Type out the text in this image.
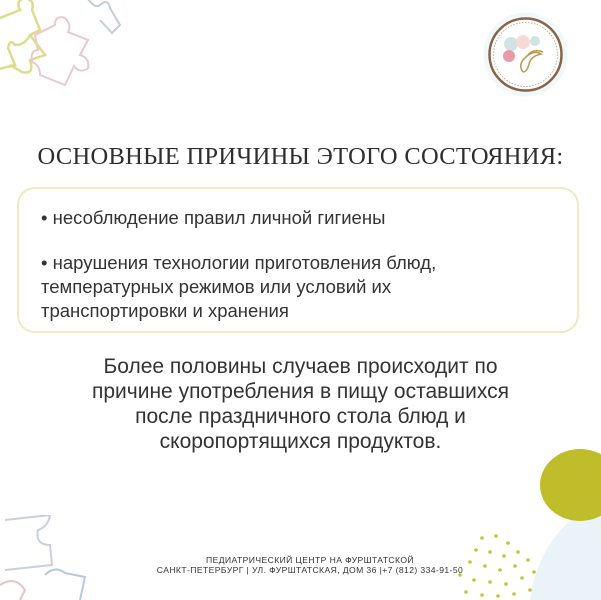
ОСНОВНЫЕ ПРИЧИНЫ ЭТОГО СОСТОЯНИЯ:
• несоблюдение правил личной гигиены
• нарушения технологии приготовления блюд,
температурных режимов или условий их
транспортировки и хранения
Более половины случаев происходит по
причине употребления в пищу оставшихся
после праздничного стола блюд и
скоропортящихся продуктов.
ПЕДИАТРИЧЕСКИЙ ЦЕНТР НА ФУРШТАТСКОЙ
САНКТ-ПЕТЕРБУРГ | УЛ. ФУРШТАТСКАЯ, ДОМ 36 |+7 (812) 334-91-50
